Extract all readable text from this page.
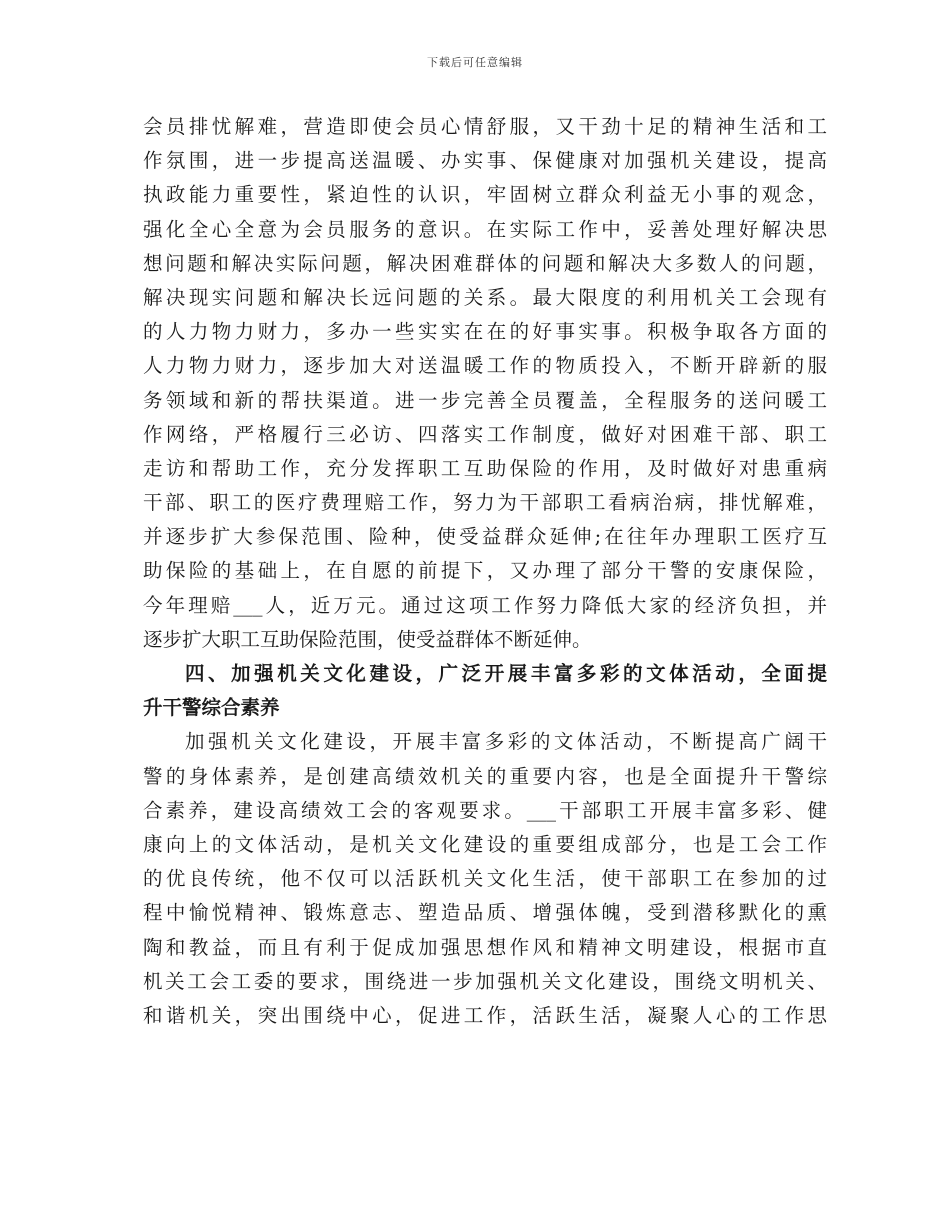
下载后可任意编辑
会员排忧解难，营造即使会员心情舒服，又干劲十足的精神生活和工
作氛围，进一步提高送温暖、办实事、保健康对加强机关建设，提高
执政能力重要性，紧迫性的认识，牢固树立群众利益无小事的观念，
强化全心全意为会员服务的意识。在实际工作中，妥善处理好解决思
想问题和解决实际问题，解决困难群体的问题和解决大多数人的问题，
解决现实问题和解决长远问题的关系。最大限度的利用机关工会现有
的人力物力财力，多办一些实实在在的好事实事。积极争取各方面的
人力物力财力，逐步加大对送温暖工作的物质投入，不断开辟新的服
务领域和新的帮扶渠道。进一步完善全员覆盖，全程服务的送问暖工
作网络，严格履行三必访、四落实工作制度，做好对困难干部、职工
走访和帮助工作，充分发挥职工互助保险的作用，及时做好对患重病
干部、职工的医疗费理赔工作，努力为干部职工看病治病，排忧解难，
并逐步扩大参保范围、险种，使受益群众延伸;在往年办理职工医疗互
助保险的基础上，在自愿的前提下，又办理了部分干警的安康保险，
今年理赔___人，近万元。通过这项工作努力降低大家的经济负担，并
逐步扩大职工互助保险范围，使受益群体不断延伸。
四、加强机关文化建设，广泛开展丰富多彩的文体活动，全面提
升干警综合素养
加强机关文化建设，开展丰富多彩的文体活动，不断提高广阔干
警的身体素养，是创建高绩效机关的重要内容，也是全面提升干警综
合素养，建设高绩效工会的客观要求。___干部职工开展丰富多彩、健
康向上的文体活动，是机关文化建设的重要组成部分，也是工会工作
的优良传统，他不仅可以活跃机关文化生活，使干部职工在参加的过
程中愉悦精神、锻炼意志、塑造品质、增强体魄，受到潜移默化的熏
陶和教益，而且有利于促成加强思想作风和精神文明建设，根据市直
机关工会工委的要求，围绕进一步加强机关文化建设，围绕文明机关、
和谐机关，突出围绕中心，促进工作，活跃生活，凝聚人心的工作思
